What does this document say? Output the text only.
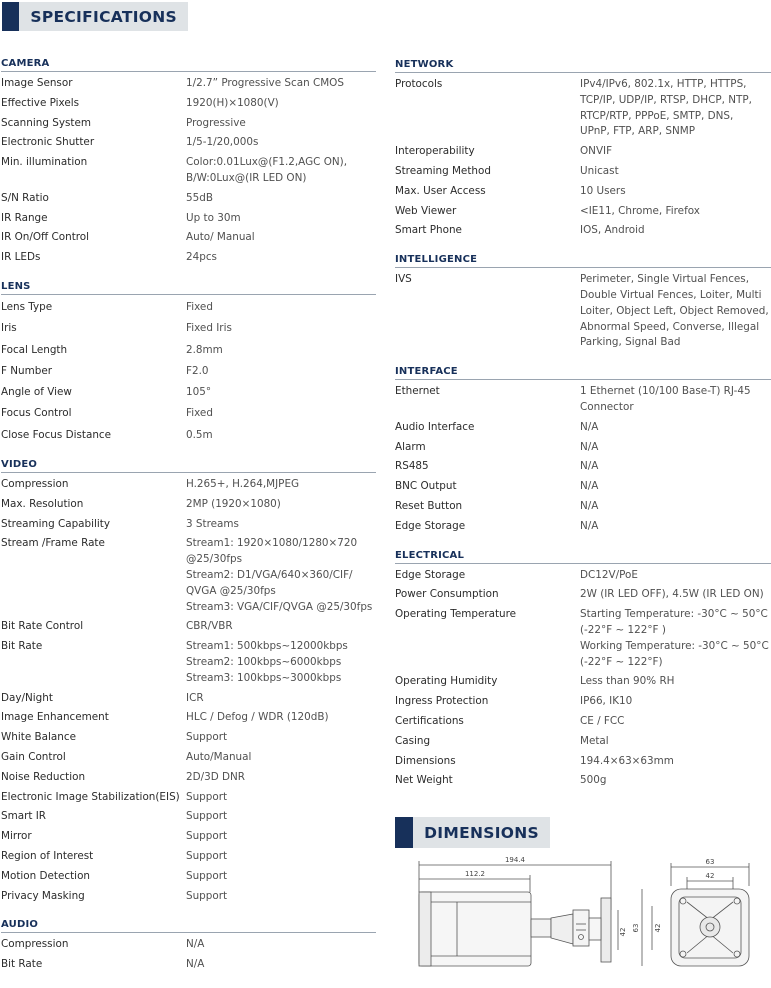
SPECIFICATIONS
CAMERA
Image Sensor	1/2.7” Progressive Scan CMOS
Effective Pixels	1920(H)×1080(V)
Scanning System	Progressive
Electronic Shutter	1/5-1/20,000s
Min. illumination	Color:0.01Lux@(F1.2,AGC ON),
B/W:0Lux@(IR LED ON)
S/N Ratio	55dB
IR Range	Up to 30m
IR On/Off Control	Auto/ Manual
IR LEDs	24pcs
LENS
Lens Type	Fixed
Iris	Fixed Iris
Focal Length	2.8mm
F Number	F2.0
Angle of View	105°
Focus Control	Fixed
Close Focus Distance	0.5m
VIDEO
Compression	H.265+, H.264,MJPEG
Max. Resolution	2MP (1920×1080)
Streaming Capability	3 Streams
Stream /Frame Rate	Stream1: 1920×1080/1280×720
@25/30fps
Stream2: D1/VGA/640×360/CIF/
QVGA @25/30fps
Stream3: VGA/CIF/QVGA @25/30fps
Bit Rate Control	CBR/VBR
Bit Rate	Stream1: 500kbps~12000kbps
Stream2: 100kbps~6000kbps
Stream3: 100kbps~3000kbps
Day/Night	ICR
Image Enhancement	HLC / Defog / WDR (120dB)
White Balance	Support
Gain Control	Auto/Manual
Noise Reduction	2D/3D DNR
Electronic Image Stabilization(EIS) Support
Smart IR	Support
Mirror	Support
Region of Interest	Support
Motion Detection	Support
Privacy Masking	Support
AUDIO
Compression	N/A
Bit Rate	N/A
NETWORK
Protocols	IPv4/IPv6, 802.1x, HTTP, HTTPS,
TCP/IP, UDP/IP, RTSP, DHCP, NTP,
RTCP/RTP, PPPoE, SMTP, DNS,
UPnP, FTP, ARP, SNMP
Interoperability	ONVIF
Streaming Method	Unicast
Max. User Access	10 Users
Web Viewer	<IE11, Chrome, Firefox
Smart Phone	IOS, Android
INTELLIGENCE
IVS	Perimeter, Single Virtual Fences,
Double Virtual Fences, Loiter, Multi
Loiter, Object Left, Object Removed,
Abnormal Speed, Converse, Illegal
Parking, Signal Bad
INTERFACE
Ethernet	1 Ethernet (10/100 Base-T) RJ-45
Connector
Audio Interface	N/A
Alarm	N/A
RS485	N/A
BNC Output	N/A
Reset Button	N/A
Edge Storage	N/A
ELECTRICAL
Edge Storage	DC12V/PoE
Power Consumption	2W (IR LED OFF), 4.5W (IR LED ON)
Operating Temperature	Starting Temperature: -30°C ~ 50°C
(-22°F ~ 122°F )
Working Temperature: -30°C ~ 50°C
(-22°F ~ 122°F)
Operating Humidity	Less than 90% RH
Ingress Protection	IP66, IK10
Certifications	CE / FCC
Casing	Metal
Dimensions	194.4×63×63mm
Net Weight	500g
DIMENSIONS
194.4
112.2
42
63
42
63 42
